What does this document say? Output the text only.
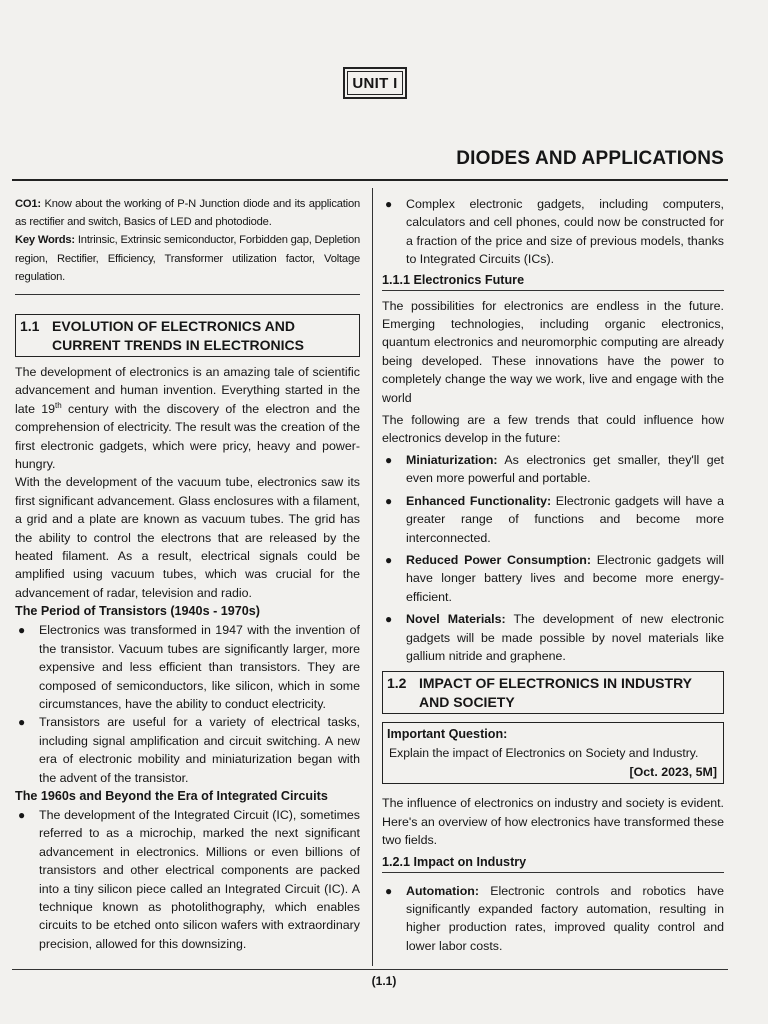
UNIT I
DIODES AND APPLICATIONS

CO1: Know about the working of P-N Junction diode and its application as rectifier and switch, Basics of LED and photodiode.

Key Words: Intrinsic, Extrinsic semiconductor, Forbidden gap, Depletion region, Rectifier, Efficiency, Transformer utilization factor, Voltage regulation.

1.1 EVOLUTION OF ELECTRONICS AND
CURRENT TRENDS IN ELECTRONICS

The development of electronics is an amazing tale of scientific advancement and human invention. Everything started in the late 19th century with the discovery of the electron and the comprehension of electricity. The result was the creation of the first electronic gadgets, which were pricy, heavy and power-hungry.

With the development of the vacuum tube, electronics saw its first significant advancement. Glass enclosures with a filament, a grid and a plate are known as vacuum tubes. The grid has the ability to control the electrons that are released by the heated filament. As a result, electrical signals could be amplified using vacuum tubes, which was crucial for the advancement of radar, television and radio.

The Period of Transistors (1940s - 1970s)
● Electronics was transformed in 1947 with the invention of the transistor. Vacuum tubes are significantly larger, more expensive and less efficient than transistors. They are composed of semiconductors, like silicon, which in some circumstances, have the ability to conduct electricity.
● Transistors are useful for a variety of electrical tasks, including signal amplification and circuit switching. A new era of electronic mobility and miniaturization began with the advent of the transistor.
The 1960s and Beyond the Era of Integrated Circuits
● The development of the Integrated Circuit (IC), sometimes referred to as a microchip, marked the next significant advancement in electronics. Millions or even billions of transistors and other electrical components are packed into a tiny silicon piece called an Integrated Circuit (IC). A technique known as photolithography, which enables circuits to be etched onto silicon wafers with extraordinary precision, allowed for this downsizing.
● Complex electronic gadgets, including computers, calculators and cell phones, could now be constructed for a fraction of the price and size of previous models, thanks to Integrated Circuits (ICs).
1.1.1 Electronics Future

The possibilities for electronics are endless in the future. Emerging technologies, including organic electronics, quantum electronics and neuromorphic computing are already being developed. These innovations have the power to completely change the way we work, live and engage with the world

The following are a few trends that could influence how electronics develop in the future:

● Miniaturization: As electronics get smaller, they'll get even more powerful and portable.
● Enhanced Functionality: Electronic gadgets will have a greater range of functions and become more interconnected.
● Reduced Power Consumption: Electronic gadgets will have longer battery lives and become more energy-efficient.
● Novel Materials: The development of new electronic gadgets will be made possible by novel materials like gallium nitride and graphene.
1.2 IMPACT OF ELECTRONICS IN INDUSTRY
AND SOCIETY
Important Question:
Explain the impact of Electronics on Society and Industry.
[Oct. 2023, 5M]

The influence of electronics on industry and society is evident. Here's an overview of how electronics have transformed these two fields.

1.2.1 Impact on Industry
● Automation: Electronic controls and robotics have significantly expanded factory automation, resulting in higher production rates, improved quality control and lower labor costs.
(1.1)
